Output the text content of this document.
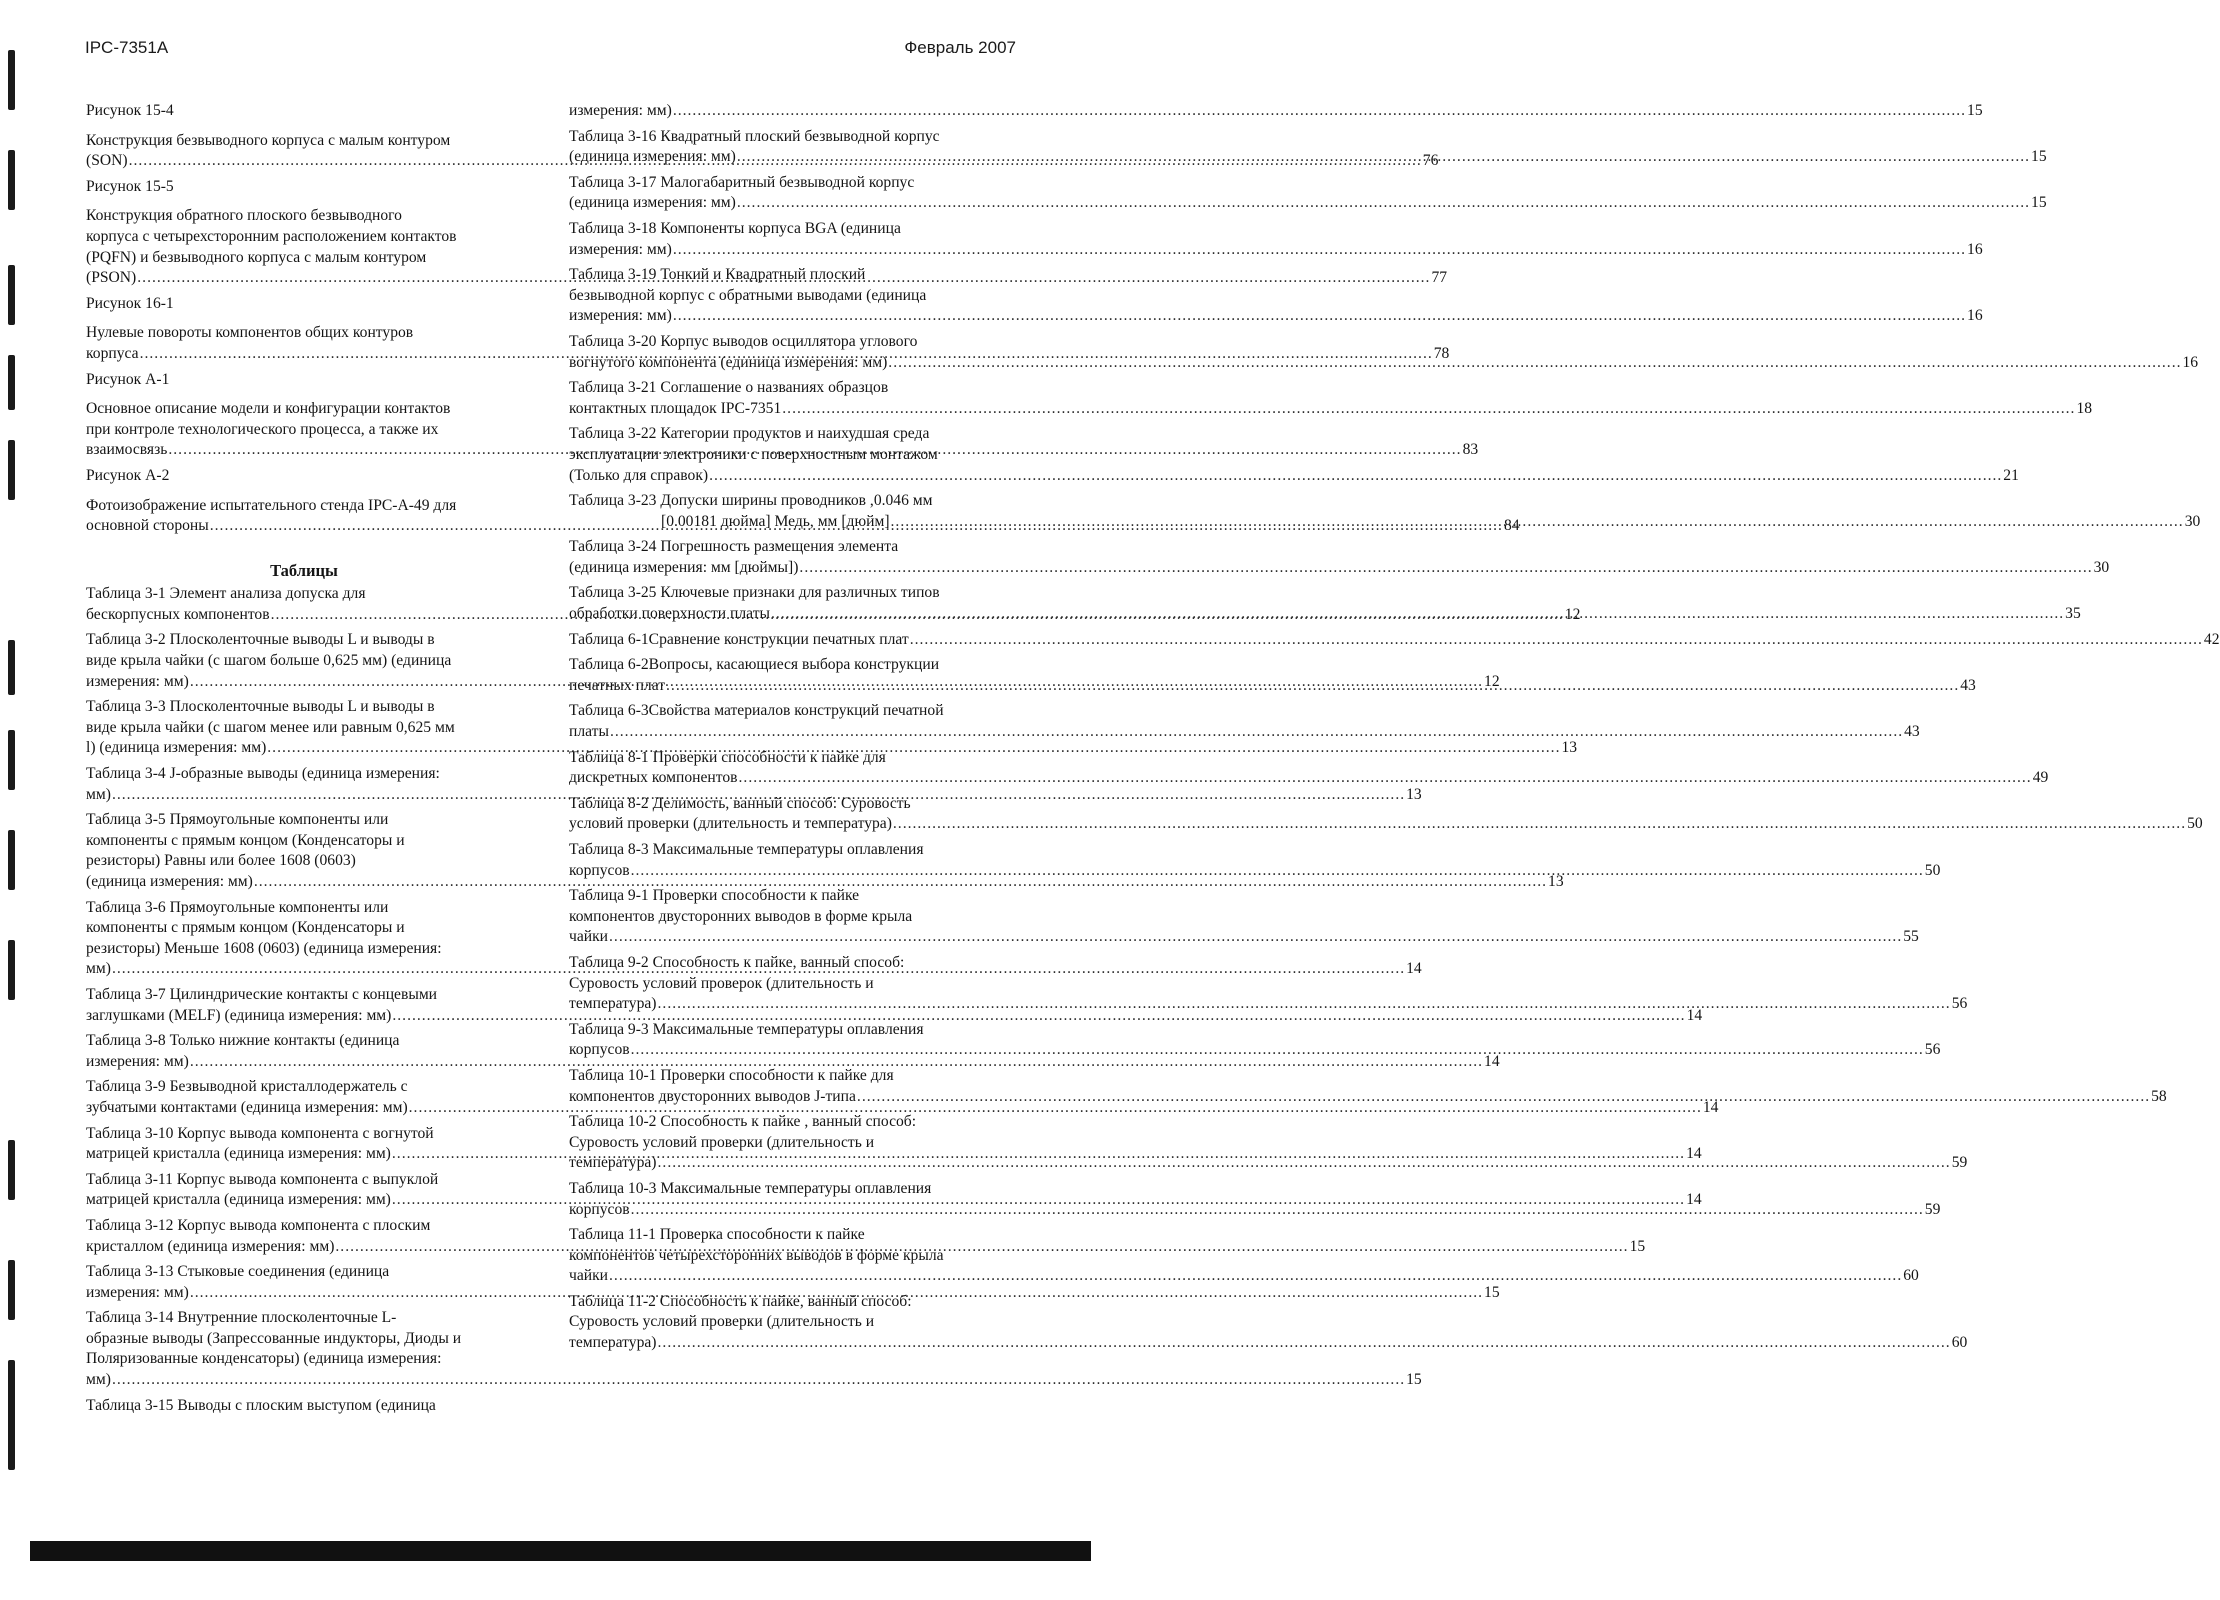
IPC-7351A	Февраль 2007
Рисунок 15-4
Конструкция безвыводного корпуса с малым контуром
(SON) .....	76
Рисунок 15-5
Конструкция обратного плоского безвыводного
корпуса с четырехсторонним расположением контактов
(PQFN) и безвыводного корпуса с малым контуром
(PSON) .....	77
Рисунок 16-1
Нулевые повороты компонентов общих контуров
корпуса .....	78
Рисунок A-1
Основное описание модели и конфигурации контактов
при контроле технологического процесса, а также их
взаимосвязь .....	83
Рисунок A-2
Фотоизображение испытательного стенда IPC-A-49 для
основной стороны .....	84
Таблицы
Таблица 3-1 Элемент анализа допуска для
бескорпусных компонентов .....	12
Таблица 3-2 Плосколенточные выводы L и выводы в
виде крыла чайки (с шагом больше 0,625 мм) (единица
измерения: мм) .....	12
Таблица 3-3 Плосколенточные выводы L и выводы в
виде крыла чайки (с шагом менее или равным 0,625 мм
l) (единица измерения: мм) .....	13
Таблица 3-4 J-образные выводы (единица измерения:
мм) .....	13
Таблица 3-5 Прямоугольные компоненты или
компоненты с прямым концом (Конденсаторы и
резисторы) Равны или более 1608 (0603)
(единица измерения: мм) .....	13
Таблица 3-6 Прямоугольные компоненты или
компоненты с прямым концом (Конденсаторы и
резисторы) Меньше 1608 (0603) (единица измерения:
мм) .....	14
Таблица 3-7 Цилиндрические контакты с концевыми
заглушками (MELF) (единица измерения: мм) .....	14
Таблица 3-8 Только нижние контакты (единица
измерения: мм) .....	14
Таблица 3-9 Безвыводной кристаллодержатель с
зубчатыми контактами (единица измерения: мм) .....	14
Таблица 3-10 Корпус вывода компонента с вогнутой
матрицей кристалла (единица измерения: мм) .....	14
Таблица 3-11 Корпус вывода компонента с выпуклой
матрицей кристалла (единица измерения: мм) .....	14
Таблица 3-12 Корпус вывода компонента с плоским
кристаллом (единица измерения: мм) .....	15
Таблица 3-13 Стыковые соединения (единица
измерения: мм) .....	15
Таблица 3-14 Внутренние плосколенточные L-
образные выводы (Запрессованные индукторы, Диоды и
Поляризованные конденсаторы) (единица измерения:
мм) .....	15
Таблица 3-15 Выводы с плоским выступом (единица
измерения: мм) .....	15
Таблица 3-16 Квадратный плоский безвыводной корпус
(единица измерения: мм) .....	15
Таблица 3-17 Малогабаритный безвыводной корпус
(единица измерения: мм) .....	15
Таблица 3-18 Компоненты корпуса BGA (единица
измерения: мм) .....	16
Таблица 3-19 Тонкий и Квадратный плоский
безвыводной корпус с обратными выводами (единица
измерения: мм) .....	16
Таблица 3-20 Корпус выводов осциллятора углового
вогнутого компонента (единица измерения: мм) .....	16
Таблица 3-21 Соглашение о названиях образцов
контактных площадок IPC-7351 .....	18
Таблица 3-22 Категории продуктов и наихудшая среда
эксплуатации электроники с поверхностным монтажом
(Только для справок) .....	21
Таблица 3-23 Допуски ширины проводников ,0.046 мм
[0.00181 дюйма] Медь, мм [дюйм] .....	30
Таблица 3-24 Погрешность размещения элемента
(единица измерения: мм [дюймы]) .....	30
Таблица 3-25 Ключевые признаки для различных типов
обработки поверхности платы .....	35
Таблица 6-1Сравнение конструкции печатных плат .....	42
Таблица 6-2Вопросы, касающиеся выбора конструкции
печатных плат .....	43
Таблица 6-3Свойства материалов конструкций печатной
платы .....	43
Таблица 8-1 Проверки способности к пайке для
дискретных компонентов .....	49
Таблица 8-2 Делимость, ванный способ: Суровость
условий проверки (длительность и температура) .....	50
Таблица 8-3 Максимальные температуры оплавления
корпусов .....	50
Таблица 9-1 Проверки способности к пайке
компонентов двусторонних выводов в форме крыла
чайки .....	55
Таблица 9-2 Способность к пайке, ванный способ:
Суровость условий проверок (длительность и
температура) .....	56
Таблица 9-3 Максимальные температуры оплавления
корпусов .....	56
Таблица 10-1 Проверки способности к пайке для
компонентов двусторонних выводов J-типа .....	58
Таблица 10-2 Способность к пайке , ванный способ:
Суровость условий проверки (длительность и
температура) .....	59
Таблица 10-3 Максимальные температуры оплавления
корпусов .....	59
Таблица 11-1 Проверка способности к пайке
компонентов четырехсторонних выводов в форме крыла
чайки .....	60
Таблица 11-2 Способность к пайке, ванный способ:
Суровость условий проверки (длительность и
температура) .....	60
